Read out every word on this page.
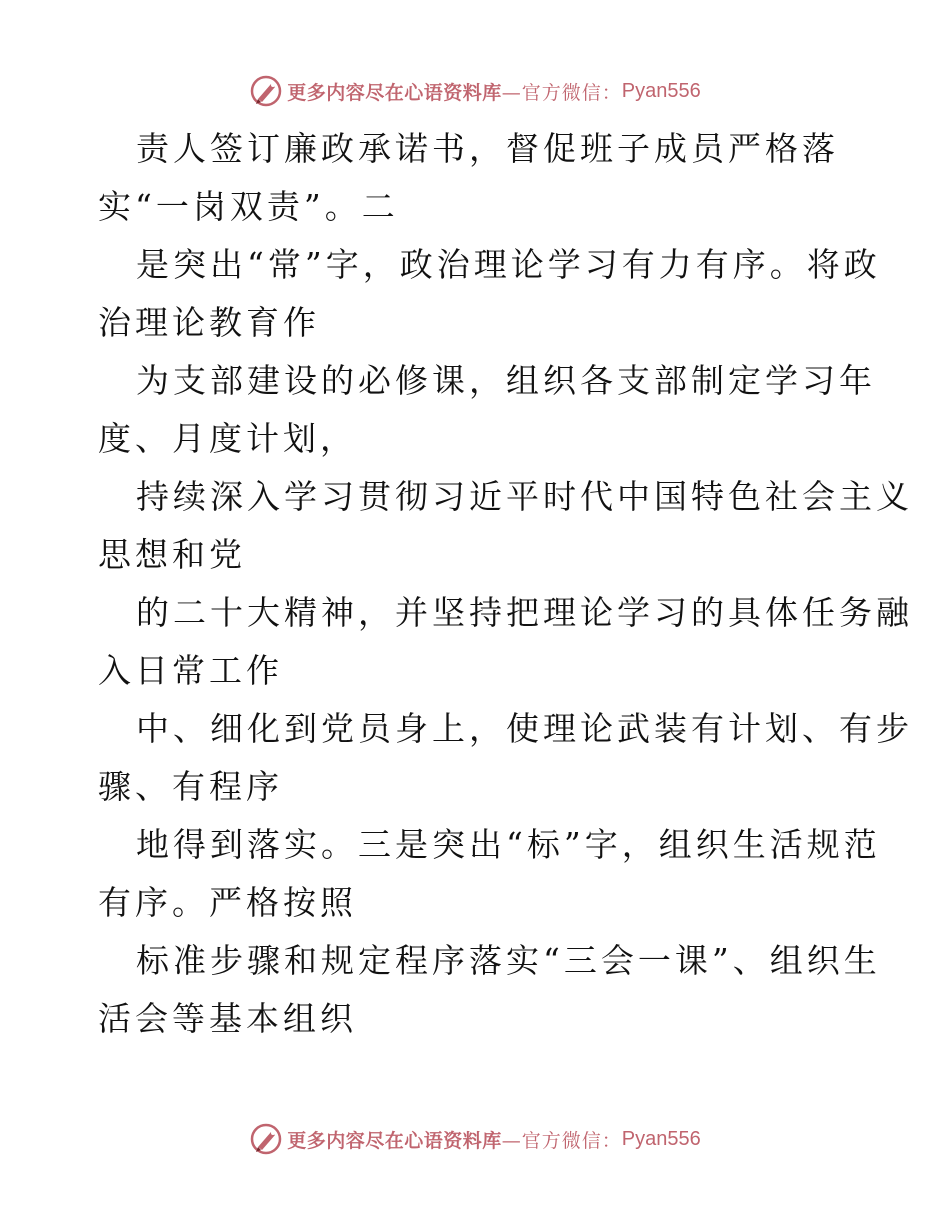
更多内容尽在心语资料库 —官方微信： Pyan556
责人签订廉政承诺书，督促班子成员严格落
实“一岗双责”。二
是突出“常”字，政治理论学习有力有序。将政
治理论教育作
为支部建设的必修课，组织各支部制定学习年
度、月度计划，
持续深入学习贯彻习近平时代中国特色社会主义
思想和党
的二十大精神，并坚持把理论学习的具体任务融
入日常工作
中、细化到党员身上，使理论武装有计划、有步
骤、有程序
地得到落实。三是突出“标”字，组织生活规范
有序。严格按照
标准步骤和规定程序落实“三会一课”、组织生
活会等基本组织
更多内容尽在心语资料库 —官方微信： Pyan556
